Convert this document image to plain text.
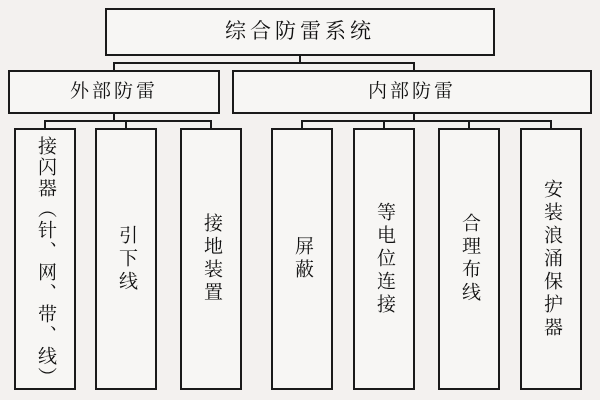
综合防雷系统
外部防雷	内部防雷
接闪器（针、网、带、线）	引下线	接地装置	屏蔽	等电位连接	合理布线	安装浪涌保护器
